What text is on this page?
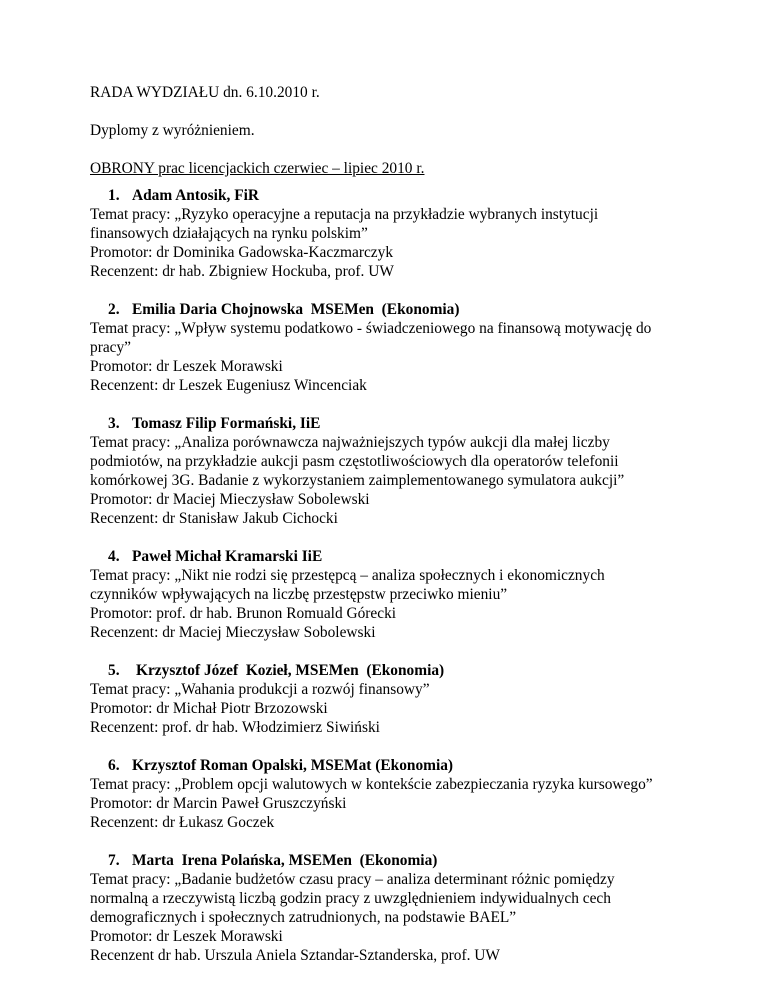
RADA WYDZIAŁU dn. 6.10.2010 r.
Dyplomy z wyróżnieniem.
OBRONY prac licencjackich czerwiec – lipiec 2010 r.
1. Adam Antosik, FiR
Temat pracy: „Ryzyko operacyjne a reputacja na przykładzie wybranych instytucji
finansowych działających na rynku polskim”
Promotor: dr Dominika Gadowska-Kaczmarczyk
Recenzent: dr hab. Zbigniew Hockuba, prof. UW
2. Emilia Daria Chojnowska  MSEMen  (Ekonomia)
Temat pracy: „Wpływ systemu podatkowo - świadczeniowego na finansową motywację do
pracy”
Promotor: dr Leszek Morawski
Recenzent: dr Leszek Eugeniusz Wincenciak
3. Tomasz Filip Formański, IiE
Temat pracy: „Analiza porównawcza najważniejszych typów aukcji dla małej liczby
podmiotów, na przykładzie aukcji pasm częstotliwościowych dla operatorów telefonii
komórkowej 3G. Badanie z wykorzystaniem zaimplementowanego symulatora aukcji”
Promotor: dr Maciej Mieczysław Sobolewski
Recenzent: dr Stanisław Jakub Cichocki
4. Paweł Michał Kramarski IiE
Temat pracy: „Nikt nie rodzi się przestępcą – analiza społecznych i ekonomicznych
czynników wpływających na liczbę przestępstw przeciwko mieniu”
Promotor: prof. dr hab. Brunon Romuald Górecki
Recenzent: dr Maciej Mieczysław Sobolewski
5.	Krzysztof Józef  Kozieł, MSEMen  (Ekonomia)
Temat pracy: „Wahania produkcji a rozwój finansowy”
Promotor: dr Michał Piotr Brzozowski
Recenzent: prof. dr hab. Włodzimierz Siwiński
6. Krzysztof Roman Opalski, MSEMat (Ekonomia)
Temat pracy: „Problem opcji walutowych w kontekście zabezpieczania ryzyka kursowego”
Promotor: dr Marcin Paweł Gruszczyński
Recenzent: dr Łukasz Goczek
7. Marta  Irena Polańska, MSEMen  (Ekonomia)
Temat pracy: „Badanie budżetów czasu pracy – analiza determinant różnic pomiędzy
normalną a rzeczywistą liczbą godzin pracy z uwzględnieniem indywidualnych cech
demograficznych i społecznych zatrudnionych, na podstawie BAEL”
Promotor: dr Leszek Morawski
Recenzent dr hab. Urszula Aniela Sztandar-Sztanderska, prof. UW
